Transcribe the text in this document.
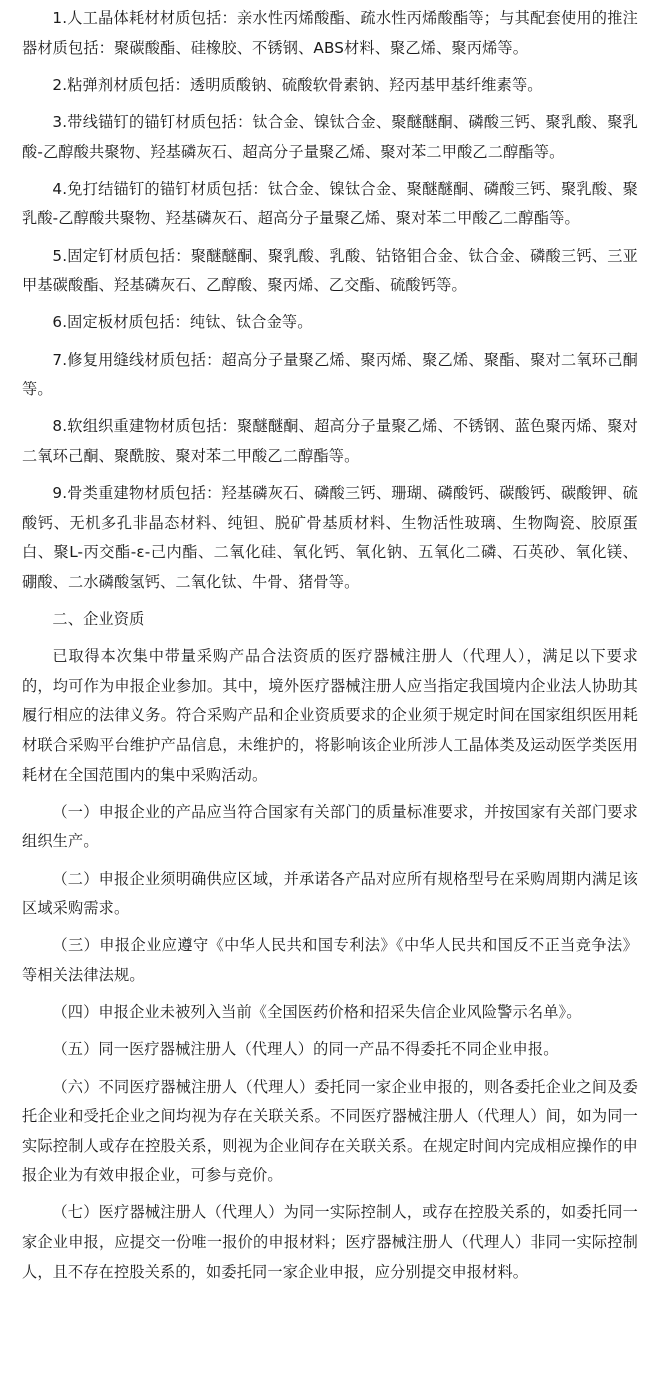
1.人工晶体耗材材质包括：亲水性丙烯酸酯、疏水性丙烯酸酯等；与其配套使用的推注器材质包括：聚碳酸酯、硅橡胶、不锈钢、ABS材料、聚乙烯、聚丙烯等。

2.粘弹剂材质包括：透明质酸钠、硫酸软骨素钠、羟丙基甲基纤维素等。

3.带线锚钉的锚钉材质包括：钛合金、镍钛合金、聚醚醚酮、磷酸三钙、聚乳酸、聚乳酸-乙醇酸共聚物、羟基磷灰石、超高分子量聚乙烯、聚对苯二甲酸乙二醇酯等。

4.免打结锚钉的锚钉材质包括：钛合金、镍钛合金、聚醚醚酮、磷酸三钙、聚乳酸、聚乳酸-乙醇酸共聚物、羟基磷灰石、超高分子量聚乙烯、聚对苯二甲酸乙二醇酯等。

5.固定钉材质包括：聚醚醚酮、聚乳酸、乳酸、钴铬钼合金、钛合金、磷酸三钙、三亚甲基碳酸酯、羟基磷灰石、乙醇酸、聚丙烯、乙交酯、硫酸钙等。

6.固定板材质包括：纯钛、钛合金等。

7.修复用缝线材质包括：超高分子量聚乙烯、聚丙烯、聚乙烯、聚酯、聚对二氧环己酮等。

8.软组织重建物材质包括：聚醚醚酮、超高分子量聚乙烯、不锈钢、蓝色聚丙烯、聚对二氧环己酮、聚酰胺、聚对苯二甲酸乙二醇酯等。

9.骨类重建物材质包括：羟基磷灰石、磷酸三钙、珊瑚、磷酸钙、碳酸钙、碳酸钾、硫酸钙、无机多孔非晶态材料、纯钽、脱矿骨基质材料、生物活性玻璃、生物陶瓷、胶原蛋白、聚L-丙交酯-ε-己内酯、二氧化硅、氧化钙、氧化钠、五氧化二磷、石英砂、氧化镁、硼酸、二水磷酸氢钙、二氧化钛、牛骨、猪骨等。

二、企业资质

已取得本次集中带量采购产品合法资质的医疗器械注册人（代理人），满足以下要求的，均可作为申报企业参加。其中，境外医疗器械注册人应当指定我国境内企业法人协助其履行相应的法律义务。符合采购产品和企业资质要求的企业须于规定时间在国家组织医用耗材联合采购平台维护产品信息，未维护的，将影响该企业所涉人工晶体类及运动医学类医用耗材在全国范围内的集中采购活动。

（一）申报企业的产品应当符合国家有关部门的质量标准要求，并按国家有关部门要求组织生产。

（二）申报企业须明确供应区域，并承诺各产品对应所有规格型号在采购周期内满足该区域采购需求。

（三）申报企业应遵守《中华人民共和国专利法》《中华人民共和国反不正当竞争法》等相关法律法规。

（四）申报企业未被列入当前《全国医药价格和招采失信企业风险警示名单》。

（五）同一医疗器械注册人（代理人）的同一产品不得委托不同企业申报。

（六）不同医疗器械注册人（代理人）委托同一家企业申报的，则各委托企业之间及委托企业和受托企业之间均视为存在关联关系。不同医疗器械注册人（代理人）间，如为同一实际控制人或存在控股关系，则视为企业间存在关联关系。在规定时间内完成相应操作的申报企业为有效申报企业，可参与竞价。

（七）医疗器械注册人（代理人）为同一实际控制人，或存在控股关系的，如委托同一家企业申报，应提交一份唯一报价的申报材料；医疗器械注册人（代理人）非同一实际控制人，且不存在控股关系的，如委托同一家企业申报，应分别提交申报材料。
